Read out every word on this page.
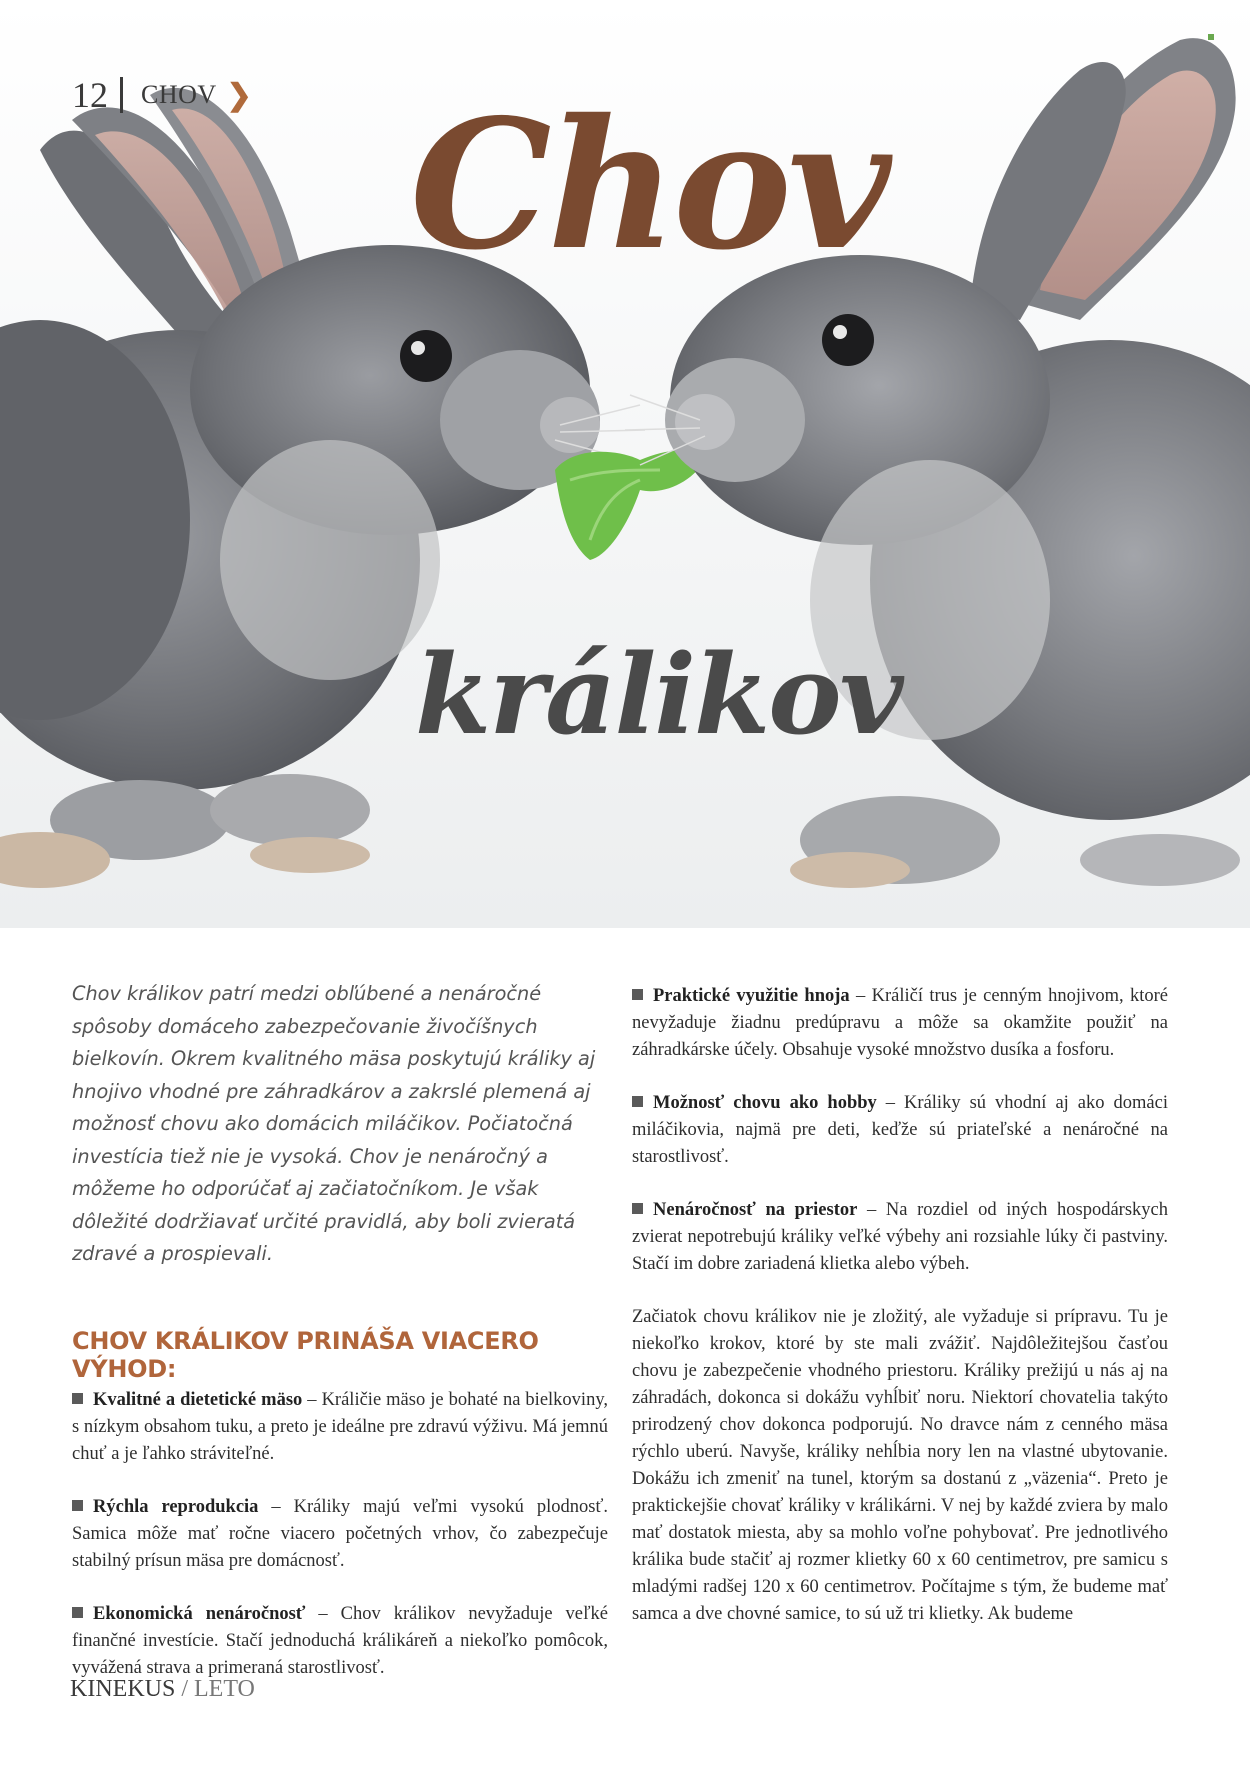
12 CHOV ❯ Chov
králikov

Chov králikov patrí medzi obľúbené a nenáročné spôsoby domáceho zabezpečovanie živočíšnych bielkovín. Okrem kvalitného mäsa poskytujú králiky aj hnojivo vhodné pre záhradkárov a zakrslé plemená aj možnosť chovu ako domácich miláčikov. Počiatočná investícia tiež nie je vysoká. Chov je nenáročný a môžeme ho odporúčať aj začiatočníkom. Je však dôležité dodržiavať určité pravidlá, aby boli zvieratá zdravé a prospievali.

CHOV KRÁLIKOV PRINÁŠA VIACERO VÝHOD:

Kvalitné a dietetické mäso – Králičie mäso je bohaté na bielkoviny, s nízkym obsahom tuku, a preto je ideálne pre zdravú výživu. Má jemnú chuť a je ľahko stráviteľné.

Rýchla reprodukcia – Králiky majú veľmi vysokú plodnosť. Samica môže mať ročne viacero početných vrhov, čo zabezpečuje stabilný prísun mäsa pre domácnosť.

Ekonomická nenáročnosť – Chov králikov nevyžaduje veľké finančné investície. Stačí jednoduchá králikáreň a niekoľko pomôcok, vyvážená strava a primeraná starostlivosť.

Praktické využitie hnoja – Králičí trus je cenným hnojivom, ktoré nevyžaduje žiadnu predúpravu a môže sa okamžite použiť na záhradkárske účely. Obsahuje vysoké množstvo dusíka a fosforu.

Možnosť chovu ako hobby – Králiky sú vhodní aj ako domáci miláčikovia, najmä pre deti, keďže sú priateľské a nenáročné na starostlivosť.

Nenáročnosť na priestor – Na rozdiel od iných hospodárskych zvierat nepotrebujú králiky veľké výbehy ani rozsiahle lúky či pastviny. Stačí im dobre zariadená klietka alebo výbeh.

Začiatok chovu králikov nie je zložitý, ale vyžaduje si prípravu. Tu je niekoľko krokov, ktoré by ste mali zvážiť. Najdôležitejšou časťou chovu je zabezpečenie vhodného priestoru. Králiky prežijú u nás aj na záhradách, dokonca si dokážu vyhĺbiť noru. Niektorí chovatelia takýto prirodzený chov dokonca podporujú. No dravce nám z cenného mäsa rýchlo uberú. Navyše, králiky nehĺbia nory len na vlastné ubytovanie. Dokážu ich zmeniť na tunel, ktorým sa dostanú z „väzenia“. Preto je praktickejšie chovať králiky v králikárni. V nej by každé zviera by malo mať dostatok miesta, aby sa mohlo voľne pohybovať. Pre jednotlivého králika bude stačiť aj rozmer klietky 60 x 60 centimetrov, pre samicu s mladými radšej 120 x 60 centimetrov. Počítajme s tým, že budeme mať samca a dve chovné samice, to sú už tri klietky. Ak budeme

KINEKUS / LETO
